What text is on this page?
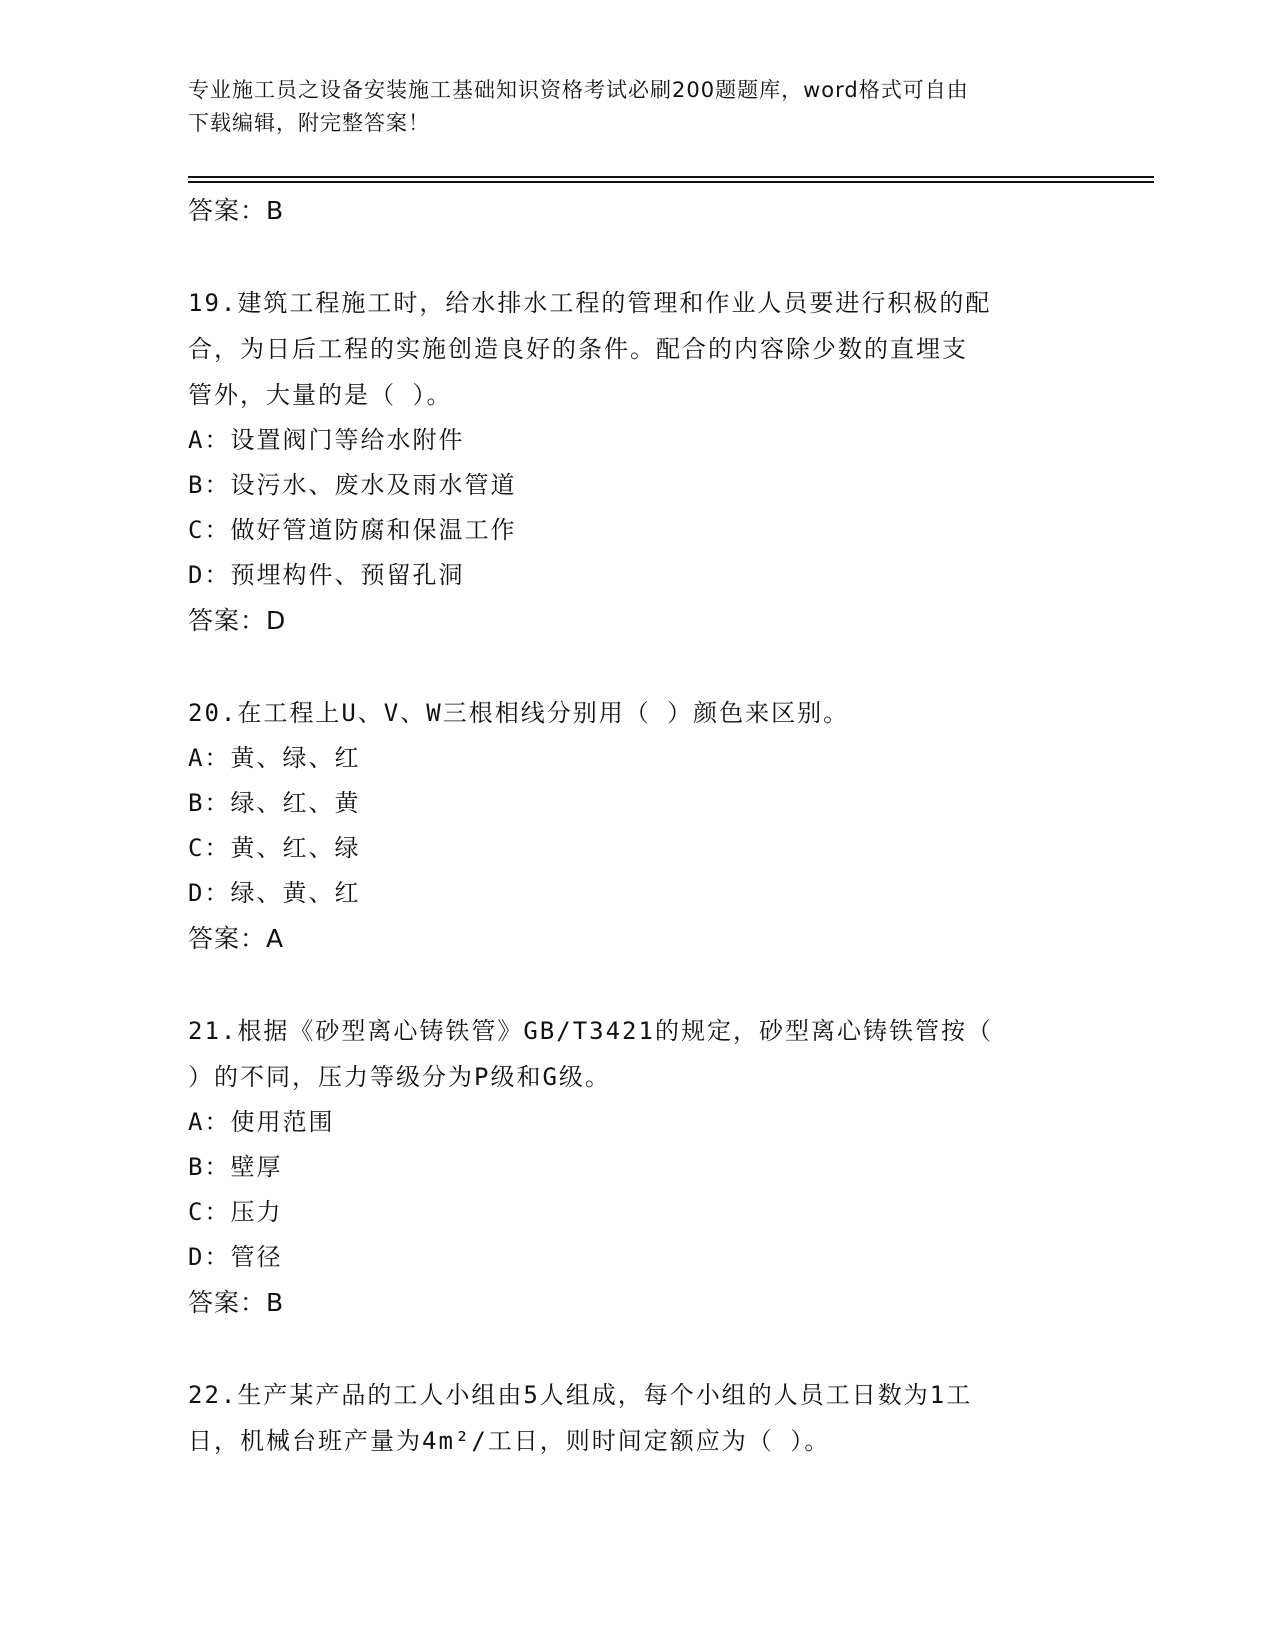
专业施工员之设备安装施工基础知识资格考试必刷200题题库，word格式可自由
下载编辑，附完整答案！
答案：B
19.建筑工程施工时，给水排水工程的管理和作业人员要进行积极的配
合，为日后工程的实施创造良好的条件。配合的内容除少数的直埋支
管外，大量的是（ ）。
A：设置阀门等给水附件
B：设污水、废水及雨水管道
C：做好管道防腐和保温工作
D：预埋构件、预留孔洞
答案：D
20.在工程上U、V、W三根相线分别用（ ）颜色来区别。
A：黄、绿、红
B：绿、红、黄
C：黄、红、绿
D：绿、黄、红
答案：A
21.根据《砂型离心铸铁管》GB/T3421的规定，砂型离心铸铁管按（
）的不同，压力等级分为P级和G级。
A：使用范围
B：壁厚
C：压力
D：管径
答案：B
22.生产某产品的工人小组由5人组成，每个小组的人员工日数为1工
日，机械台班产量为4m²/工日，则时间定额应为（ ）。
